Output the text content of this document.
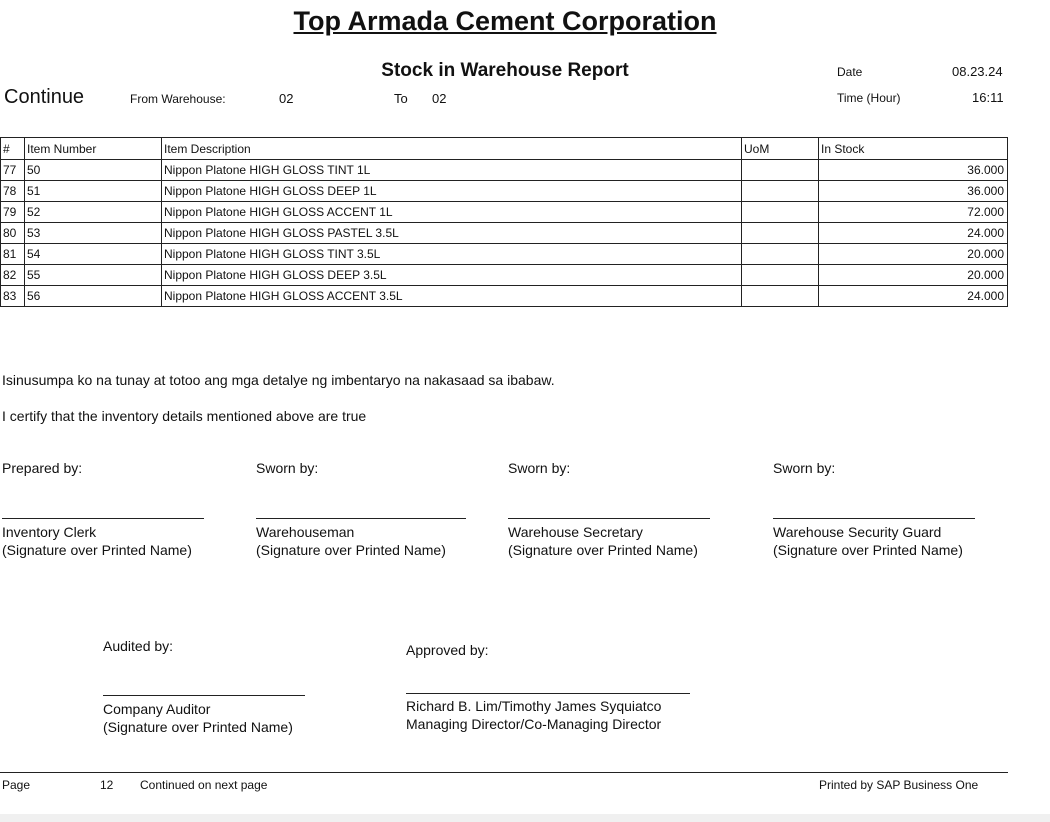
Top Armada Cement Corporation
Stock in Warehouse Report
Continue	From Warehouse:	02	To 02
Date	08.23.24
Time (Hour)	16:11
#	Item Number	Item Description	UoM	In Stock
77	50	Nippon Platone HIGH GLOSS TINT 1L		36.000
78	51	Nippon Platone HIGH GLOSS DEEP 1L		36.000
79	52	Nippon Platone HIGH GLOSS ACCENT 1L		72.000
80	53	Nippon Platone HIGH GLOSS PASTEL 3.5L		24.000
81	54	Nippon Platone HIGH GLOSS TINT 3.5L		20.000
82	55	Nippon Platone HIGH GLOSS DEEP 3.5L		20.000
83	56	Nippon Platone HIGH GLOSS ACCENT 3.5L		24.000
Isinusumpa ko na tunay at totoo ang mga detalye ng imbentaryo na nakasaad sa ibabaw.
I certify that the inventory details mentioned above are true
Prepared by:	Sworn by:	Sworn by:	Sworn by:
Inventory Clerk
(Signature over Printed Name)
Warehouseman
(Signature over Printed Name)
Warehouse Secretary
(Signature over Printed Name)
Warehouse Security Guard
(Signature over Printed Name)
Audited by:	Approved by:
Company Auditor
(Signature over Printed Name)
Richard B. Lim/Timothy James Syquiatco
Managing Director/Co-Managing Director
Page	12 Continued on next page	Printed by SAP Business One
